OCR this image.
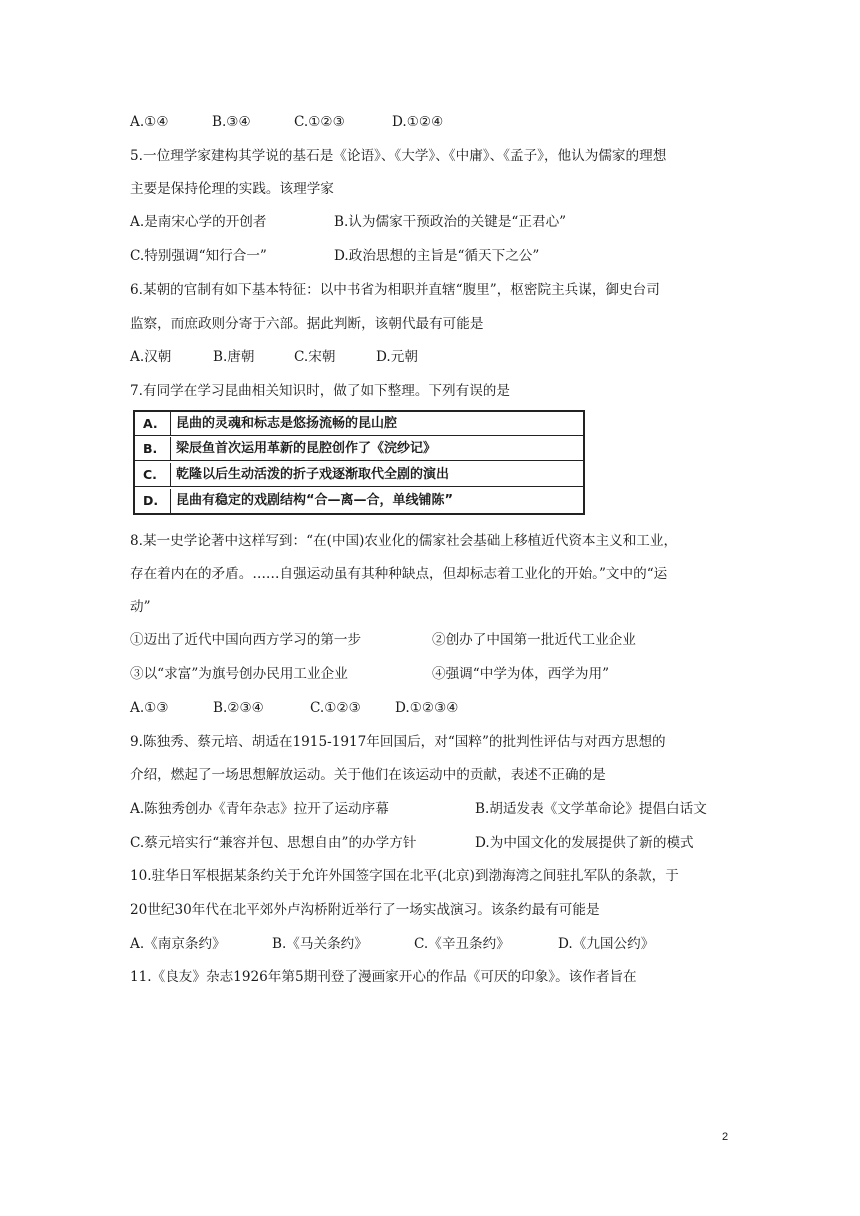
A.①④	B.③④	C.①②③	D.①②④
5.一位理学家建构其学说的基石是《论语》、《大学》、《中庸》、《孟子》，他认为儒家的理想
主要是保持伦理的实践。该理学家
A.是南宋心学的开创者	B.认为儒家干预政治的关键是“正君心”
C.特别强调“知行合一”	D.政治思想的主旨是“循天下之公”
6.某朝的官制有如下基本特征：以中书省为相职并直辖“腹里”，枢密院主兵谋，御史台司
监察，而庶政则分寄于六部。据此判断，该朝代最有可能是
A.汉朝	B.唐朝	C.宋朝	D.元朝
7.有同学在学习昆曲相关知识时，做了如下整理。下列有误的是
A.	昆曲的灵魂和标志是悠扬流畅的昆山腔
B.	梁辰鱼首次运用革新的昆腔创作了《浣纱记》
C.	乾隆以后生动活泼的折子戏逐渐取代全剧的演出
D.	昆曲有稳定的戏剧结构“合—离—合，单线铺陈”
8.某一史学论著中这样写到：“在(中国)农业化的儒家社会基础上移植近代资本主义和工业，
存在着内在的矛盾。……自强运动虽有其种种缺点，但却标志着工业化的开始。”文中的“运
动”
①迈出了近代中国向西方学习的第一步	②创办了中国第一批近代工业企业
③以“求富”为旗号创办民用工业企业	④强调“中学为体，西学为用”
A.①③	B.②③④	C.①②③	D.①②③④
9.陈独秀、蔡元培、胡适在1915-1917年回国后，对“国粹”的批判性评估与对西方思想的
介绍，燃起了一场思想解放运动。关于他们在该运动中的贡献，表述不正确的是
A.陈独秀创办《青年杂志》拉开了运动序幕	B.胡适发表《文学革命论》提倡白话文
C.蔡元培实行“兼容并包、思想自由”的办学方针	D.为中国文化的发展提供了新的模式
10.驻华日军根据某条约关于允许外国签字国在北平(北京)到渤海湾之间驻扎军队的条款，于
20世纪30年代在北平郊外卢沟桥附近举行了一场实战演习。该条约最有可能是
A.《南京条约》	B.《马关条约》	C.《辛丑条约》	D.《九国公约》
11.《良友》杂志1926年第5期刊登了漫画家开心的作品《可厌的印象》。该作者旨在
2
